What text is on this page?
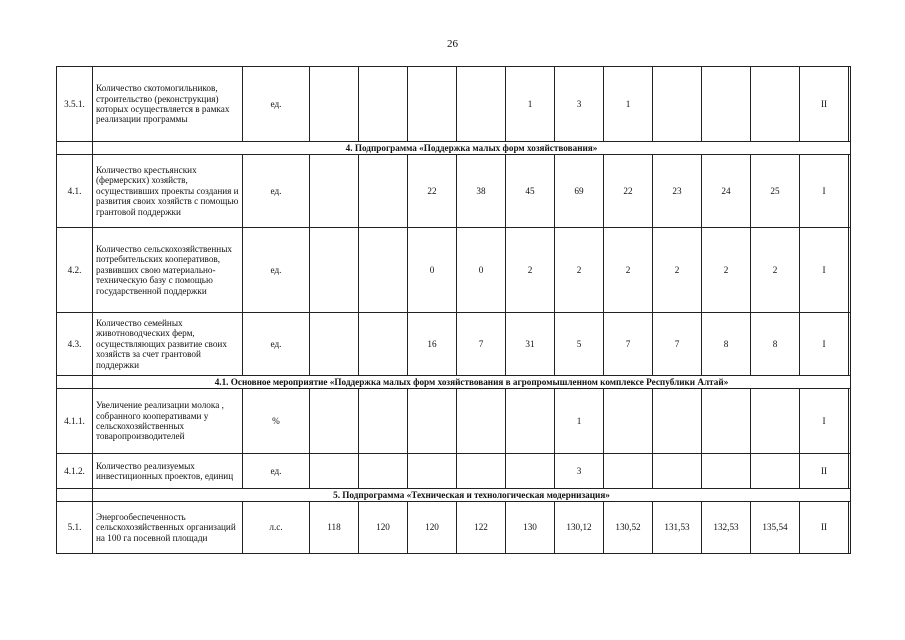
26
3.5.1.	Количество скотомогильников, строительство (реконструкция) которых осуществляется в рамках реализации программы	ед.					1	3	1				II	
	4. Подпрограмма «Поддержка малых форм хозяйствования»													
4.1.	Количество крестьянских (фермерских) хозяйств, осуществивших проекты создания и развития своих хозяйств с помощью грантовой поддержки	ед.			22	38	45	69	22	23	24	25	I	
4.2.	Количество сельскохозяйственных потребительских кооперативов, развивших свою материально-техническую базу с помощью государственной поддержки	ед.			0	0	2	2	2	2	2	2	I	
4.3.	Количество семейных животноводческих ферм, осуществляющих развитие своих хозяйств за счет грантовой поддержки	ед.			16	7	31	5	7	7	8	8	I	
	4.1. Основное мероприятие «Поддержка малых форм хозяйствования в агропромышленном комплексе Республики Алтай»													
4.1.1.	Увеличение реализации молока , собранного кооперативами у сельскохозяйственных товаропроизводителей	%						1					I	
4.1.2.	Количество реализуемых инвестиционных проектов, единиц	ед.						3					II	
	5. Подпрограмма «Техническая и технологическая модернизация»													
5.1.	Энергообеспеченность сельскохозяйственных организаций на 100 га посевной площади	л.с.	118	120	120	122	130	130,12	130,52	131,53	132,53	135,54	II	
